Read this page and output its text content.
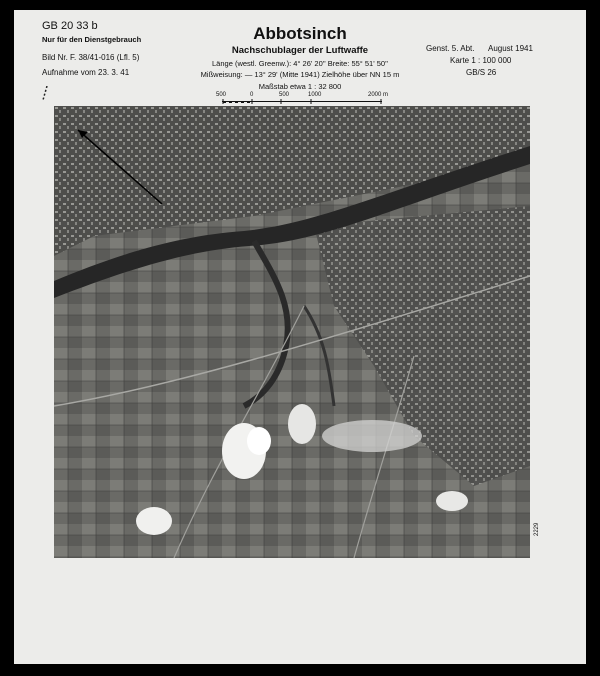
GB 20 33 b
Nur für den Dienstgebrauch
Bild Nr. F. 38/41-016 (Lfl. 5)
Aufnahme vom 23. 3. 41
Abbotsinch
Nachschublager der Luftwaffe
Länge (westl. Greenw.): 4° 26' 20'' Breite: 55° 51' 50''
Mißweisung: — 13° 29' (Mitte 1941) Zielhöhe über NN 15 m
Maßstab etwa 1 : 32 800
Genst. 5. Abt. August 1941
Karte 1 : 100 000
GB/S 26
500	0	500	1000	2000 m
2229
